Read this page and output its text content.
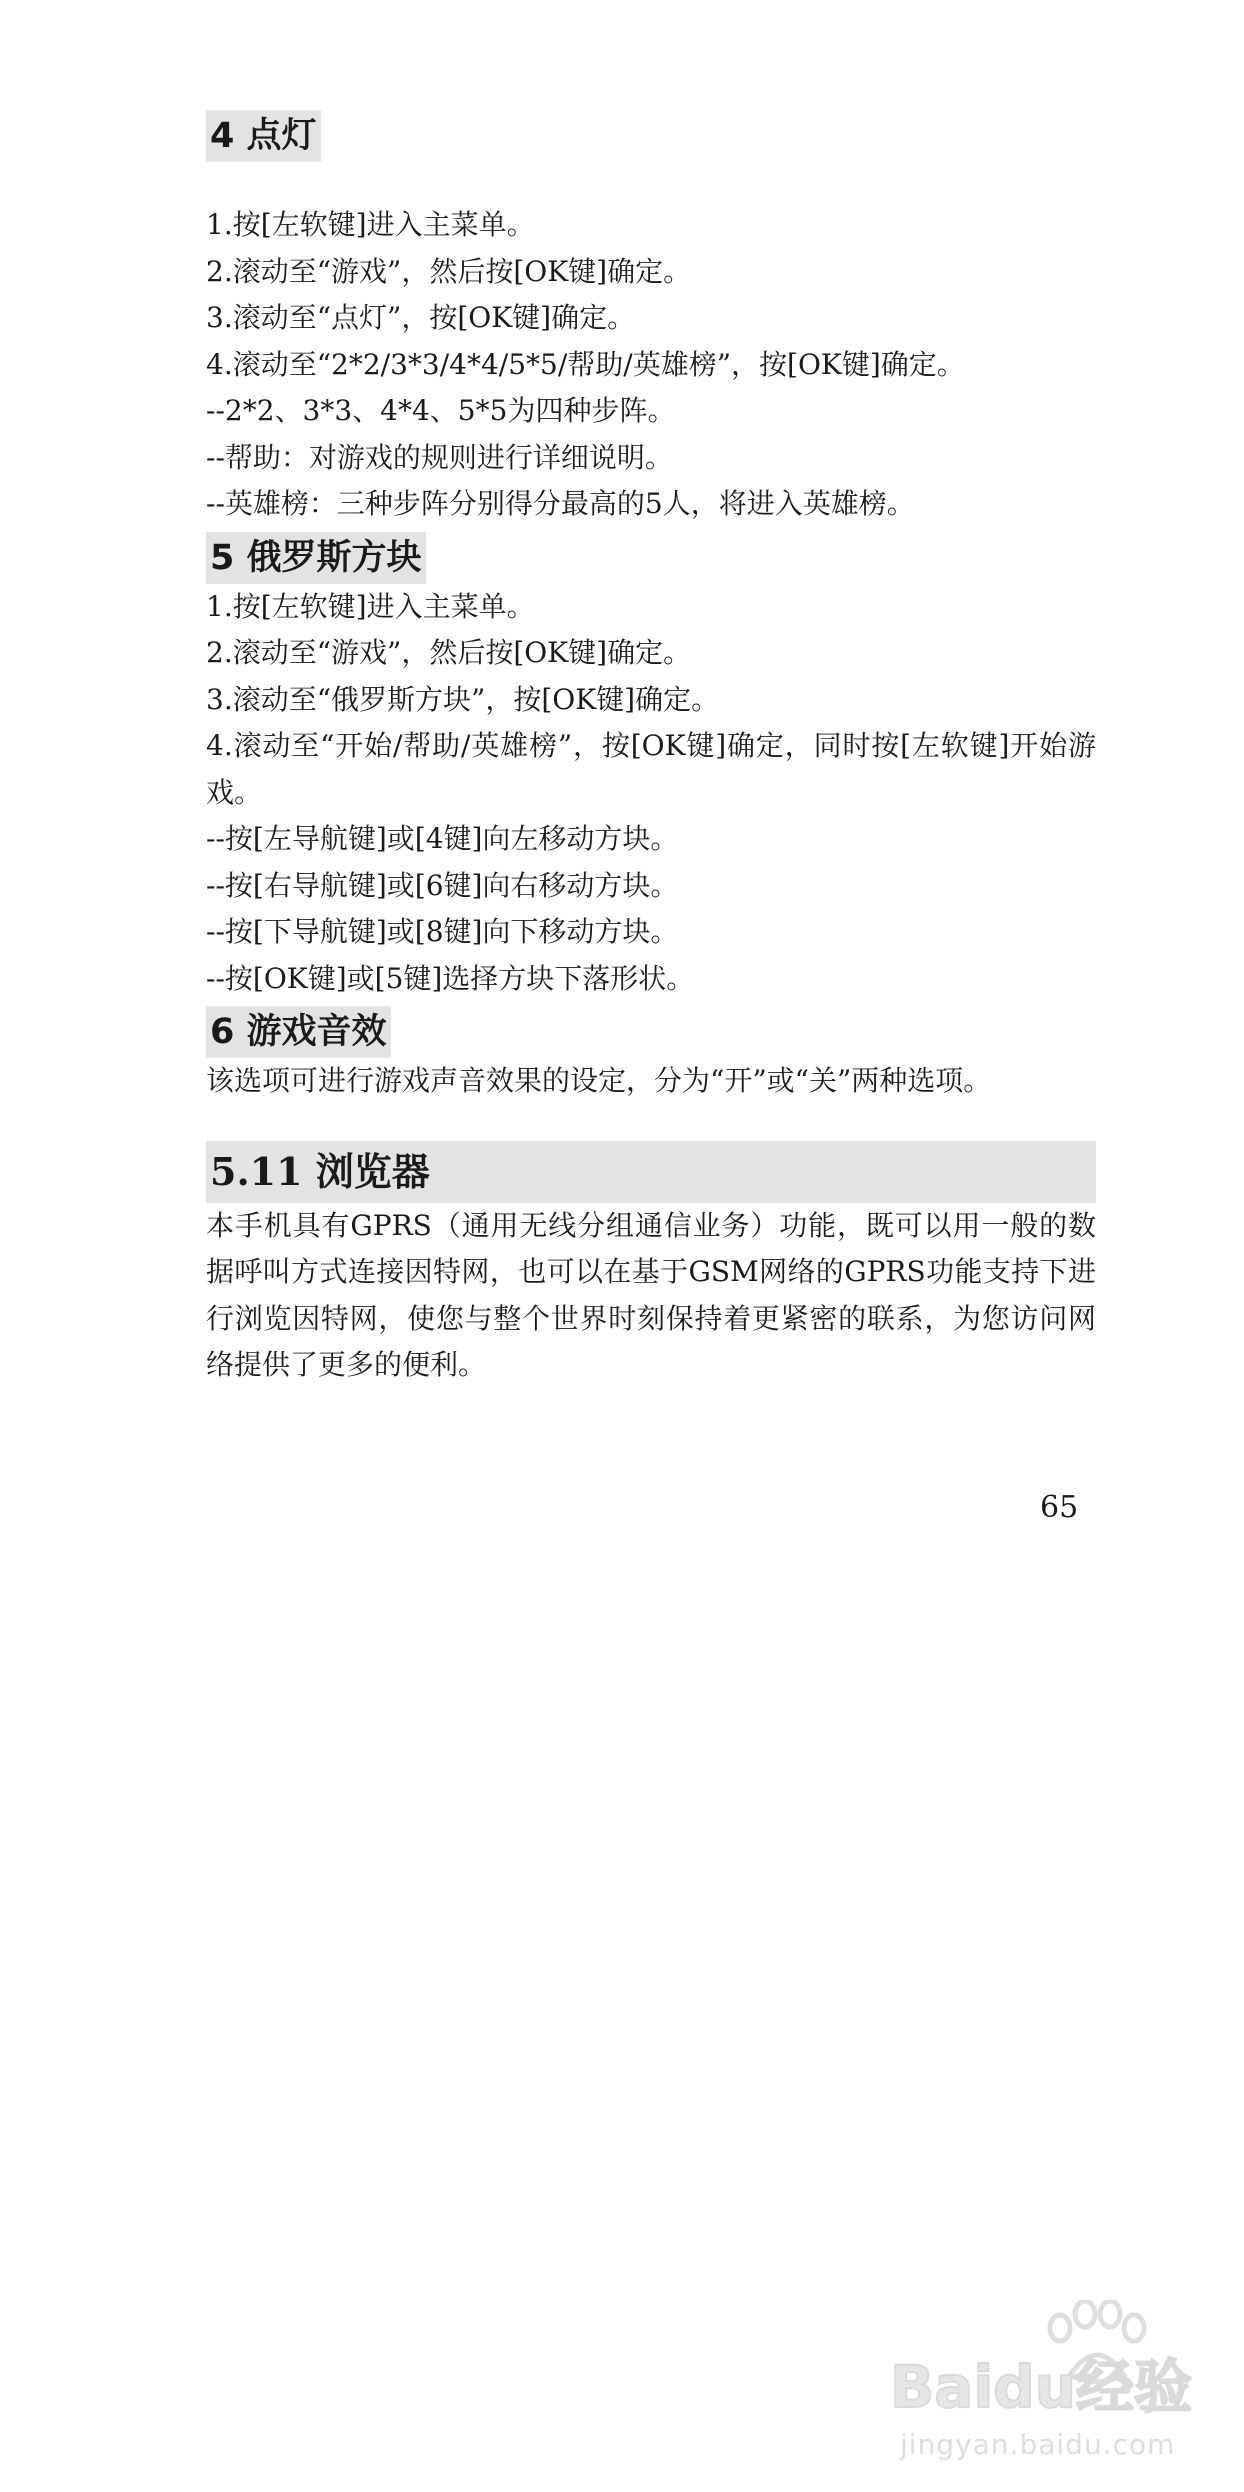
4 点灯
1.按[左软键]进入主菜单。
2.滚动至“游戏”，然后按[OK键]确定。
3.滚动至“点灯”，按[OK键]确定。
4.滚动至“2*2/3*3/4*4/5*5/帮助/英雄榜”，按[OK键]确定。
--2*2、3*3、4*4、5*5为四种步阵。
--帮助：对游戏的规则进行详细说明。
--英雄榜：三种步阵分别得分最高的5人，将进入英雄榜。
5 俄罗斯方块
1.按[左软键]进入主菜单。
2.滚动至“游戏”，然后按[OK键]确定。
3.滚动至“俄罗斯方块”，按[OK键]确定。

4.滚动至“开始/帮助/英雄榜”，按[OK键]确定，同时按[左软键]开始游戏。

--按[左导航键]或[4键]向左移动方块。
--按[右导航键]或[6键]向右移动方块。
--按[下导航键]或[8键]向下移动方块。
--按[OK键]或[5键]选择方块下落形状。
6 游戏音效

该选项可进行游戏声音效果的设定，分为“开”或“关”两种选项。

5.11 浏览器

本手机具有GPRS（通用无线分组通信业务）功能，既可以用一般的数据呼叫方式连接因特网，也可以在基于GSM网络的GPRS功能支持下进行浏览因特网，使您与整个世界时刻保持着更紧密的联系，为您访问网络提供了更多的便利。

65
Baidu经验
jingyan.baidu.com
